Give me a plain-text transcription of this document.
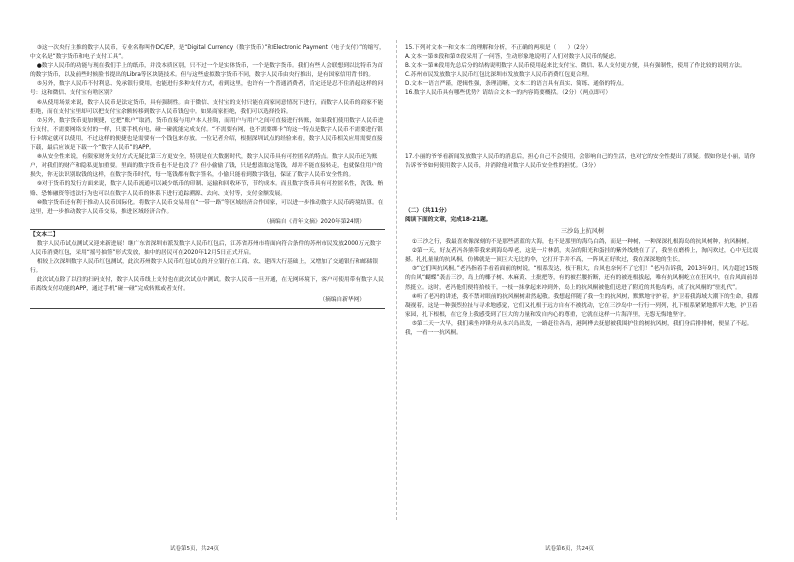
③这一次央行主推的数字人民币，专业名称叫作DC/EP，是“Digital Currency（数字货币）”和Electronic Payment（电子支付）”的缩写，中文名是“数字货币和电子支付工具”。

●数字人民币的功能与现在我们手上的纸币，并没本质区别，只不过一个是实体货币，一个是数字货币。我们有些人会联想到以比特币为首的数字货币，以及前些时候脸书提出的Libra等区块链技术。但与这些虚拟数字货币不同，数字人民币由央行推出，是有国家信用背书的。

⑤另外，数字人民币不付利息、免承银行费用，也能进行多种支付方式，看到这里，也许有一个普通消费者，肯定还是忍不住消起这样的问号：这和微信、支付宝有啥区别？

⑥从使用场景来说，数字人民币是法定货币，具有强制性。由于微信、支付宝的支付只能在商家同意情况下进行，而数字人民币的商家不能拒绝，而在支付宝里却可以把支付宝余额转移到数字人民币钱包中。如果商家拒绝，我们可以选择投诉。

⑦另外，数字货币更加便捷，它把“账户”取消，货币直接与用户本人挂钩，而用户与用户之间可直接进行转账，如果我们使用数字人民币进行支付，不需要网络支付的一样，只要手机有电，碰一碰就能完成支付。“不需要有网，也不需要绑卡”的这一特点是数字人民币不需要进行银行卡绑定就可以使用，不过这样的便捷也是需要有一个钱包来存放。一位记者介绍，根据深圳试点的经验来看，数字人民币相关应用需要直接下载，最后应该是下载一个“数字人民币”的APP。

⑧从安全性来说，有限家财务支付方式无疑比第三方更安全，特别是在大数据时代，数字人民币具有可控匿名的特点。数字人民币还为账户，对我们的财产和隐私更加重要。里面的数字货币也不是也没了？但小偷偷了钱，只是想盗取这笔钱，却并不能直接转走，也就保住用户的损失，你无法识别取钱的这样，在数字货币时代，每一笔钱都有数字签名，小偷只能看到数字钱包，保证了数字人民币安全性的。

⑨对于货币的发行方面来说，数字人民币流通可以减少纸币的印制、运输和回收环节，节约成本。而且数字货币具有可控匿名性，洗钱、贿赂、恐怖融资等违法行为也可以在数字人民币的体系下进行追踪溯源、去向、支付等，支付金额发展。

⑩数字货币还有利于推动人民币国际化。将数字人民币交易用在“一带一路”等区域经济合作国家，可以进一步推动数字人民币跨境结算。在这里，进一步推动数字人民币交易，推进区域经济合作。

（摘编自《青年文摘》2020年第24期）

【文本二】

数字人民币试点测试又迎来新进展！继广东省深圳市派发数字人民币红包后，江苏省苏州市将面向符合条件的苏州市民发放2000万元数字人民币消费红包，采用“摇号抽签”形式发放，抽中的居民可在2020年12月5日正式开启。

相较上次深圳数字人民币红包测试，此次苏州数字人民币红包试点的开立银行在工商、农、建四大行基础上，又增加了交通银行和邮储银行。

此次试点除了以往的扫码支付，数字人民币线上支付也在此次试点中测试。数字人民币一旦开通，在无网环境下，客户可使用带有数字人民币离线支付功能的APP，通过手机“碰一碰”完成转账或者支付。

（摘编自新华网）

15.下列对文本一和文本二的理解和分析，不正确的两项是（　　）（2分）

A.文本一第⑤段和第⑦段采用了一问答，生动形象地说明了人们对数字人民币的疑虑。

B.文本一第⑧段用先总后分的结构说明数字人民币使用起来比支付宝、微信、私人支付更方便，具有强制性，使用了作比较的说明方法。

C.苏州市民发放数字人民币红包比深圳市发放数字人民币消费红包更合理。

D.文本一语言严谨，逻辑性强，条理清晰，文本二的语言具有真实、简练、通俗的特点。

16.数字人民币具有哪些优势？请结合文本一的内容简要概括。（2分）（两点即可）

17.小丽的爷爷看新闻发放数字人民币的消息后，担心自己不会使用，会影响自己的生活，也对它的安全性提出了质疑。假如你是小丽，请你告诉爷爷如何使用数字人民币，并消除他对数字人民币安全性的担忧。（3分）

（二）（共11分）

阅读下面的文章，完成18-21题。

三沙岛上抗风树

①三沙之行，我最喜欢像深刻的不是那些湛蓝的大海，也不是那里的海鸟白鸽，而是一种树，一种深深扎根海岛的抗风树种，抗风桐树。

②第一天，好友者冯各熊带我来到海岛埠老，这是一片林荫，夹杂的阳光和蛋挂的紫外线烧在了了，我坐在磨桥上，淘闪欢过，心中无比震撼。扎扎量量的抗风桐，仿佛就是一顶巨大无比的伞，它打开手并不高，一阵风正好吹过，我在深深地的生长。

③“它们叫抗风桐。”老冯指着手看着面前的树说，“根系发达，枝干粗大，台风也奈何不了它们！”老冯告诉我，2013年9月，风力超过15级的台风“蝴蝶”袭击三沙，岛上的椰子树、木麻黄、土批把等，有的被拦腰折断，还有的被连根拔起，唯有抗风桐屹立在狂风中，在台风面前昂然挺立。这时，老冯他们便将拾枝干，一枝一抹拿起来冲到外，岛上的抗风桐被他们送进了附近的其他岛屿，成了抗风桐的“驻扎代”。

④听了老冯的讲述，我不禁对眼前的抗风桐树肃然起敬。我想起伴随了我一生的抗风树，默默地守护着，护卫着我海域大潮下的生命，我都凝视着，这是一种强烈拉扯与寻求地感觉，它们又扎根于远方自有不被扰动，它在三沙岛中一行行一列列，扎下根系紧紧地抓牢大地，护卫着家园，扎下根根，在它身上我感受到了巨大的力量和发自内心的尊重，它就在这样一片海洋里，无怨无悔地坚守。

⑤第二天一大早，我们乘坐冲锋舟从永兴岛出发，一路赶往各岛，港阿桦去抚慰被我围护住的树抗风树，我们身后排排树，便显了不起。我，一看一一抗风桐。

试卷第5页，共24页	试卷第6页，共24页
